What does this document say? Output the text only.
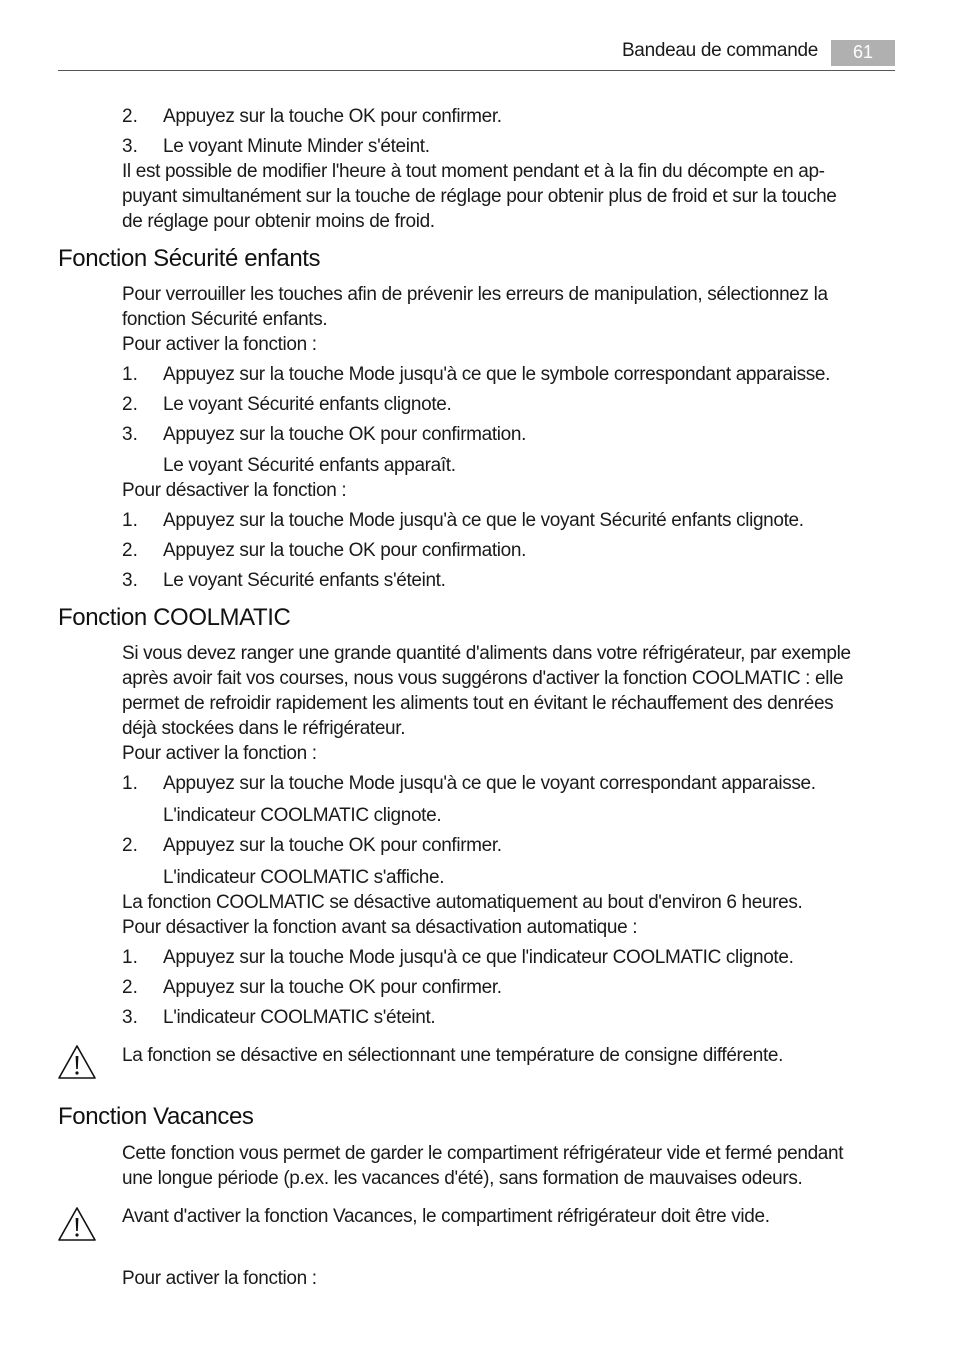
Bandeau de commande	61
2. Appuyez sur la touche OK pour confirmer.
3. Le voyant Minute Minder s'éteint.
Il est possible de modifier l'heure à tout moment pendant et à la fin du décompte en ap-
puyant simultanément sur la touche de réglage pour obtenir plus de froid et sur la touche
de réglage pour obtenir moins de froid.
Fonction Sécurité enfants
Pour verrouiller les touches afin de prévenir les erreurs de manipulation, sélectionnez la
fonction Sécurité enfants.
Pour activer la fonction :
1. Appuyez sur la touche Mode jusqu'à ce que le symbole correspondant apparaisse.
2. Le voyant Sécurité enfants clignote.
3. Appuyez sur la touche OK pour confirmation.
Le voyant Sécurité enfants apparaît.
Pour désactiver la fonction :
1. Appuyez sur la touche Mode jusqu'à ce que le voyant Sécurité enfants clignote.
2. Appuyez sur la touche OK pour confirmation.
3. Le voyant Sécurité enfants s'éteint.
Fonction COOLMATIC
Si vous devez ranger une grande quantité d'aliments dans votre réfrigérateur, par exemple
après avoir fait vos courses, nous vous suggérons d'activer la fonction COOLMATIC : elle
permet de refroidir rapidement les aliments tout en évitant le réchauffement des denrées
déjà stockées dans le réfrigérateur.
Pour activer la fonction :
1. Appuyez sur la touche Mode jusqu'à ce que le voyant correspondant apparaisse.
L'indicateur COOLMATIC clignote.
2. Appuyez sur la touche OK pour confirmer.
L'indicateur COOLMATIC s'affiche.
La fonction COOLMATIC se désactive automatiquement au bout d'environ 6 heures.
Pour désactiver la fonction avant sa désactivation automatique :
1. Appuyez sur la touche Mode jusqu'à ce que l'indicateur COOLMATIC clignote.
2. Appuyez sur la touche OK pour confirmer.
3. L'indicateur COOLMATIC s'éteint.
La fonction se désactive en sélectionnant une température de consigne différente.
Fonction Vacances
Cette fonction vous permet de garder le compartiment réfrigérateur vide et fermé pendant
une longue période (p.ex. les vacances d'été), sans formation de mauvaises odeurs.
Avant d'activer la fonction Vacances, le compartiment réfrigérateur doit être vide.
Pour activer la fonction :
